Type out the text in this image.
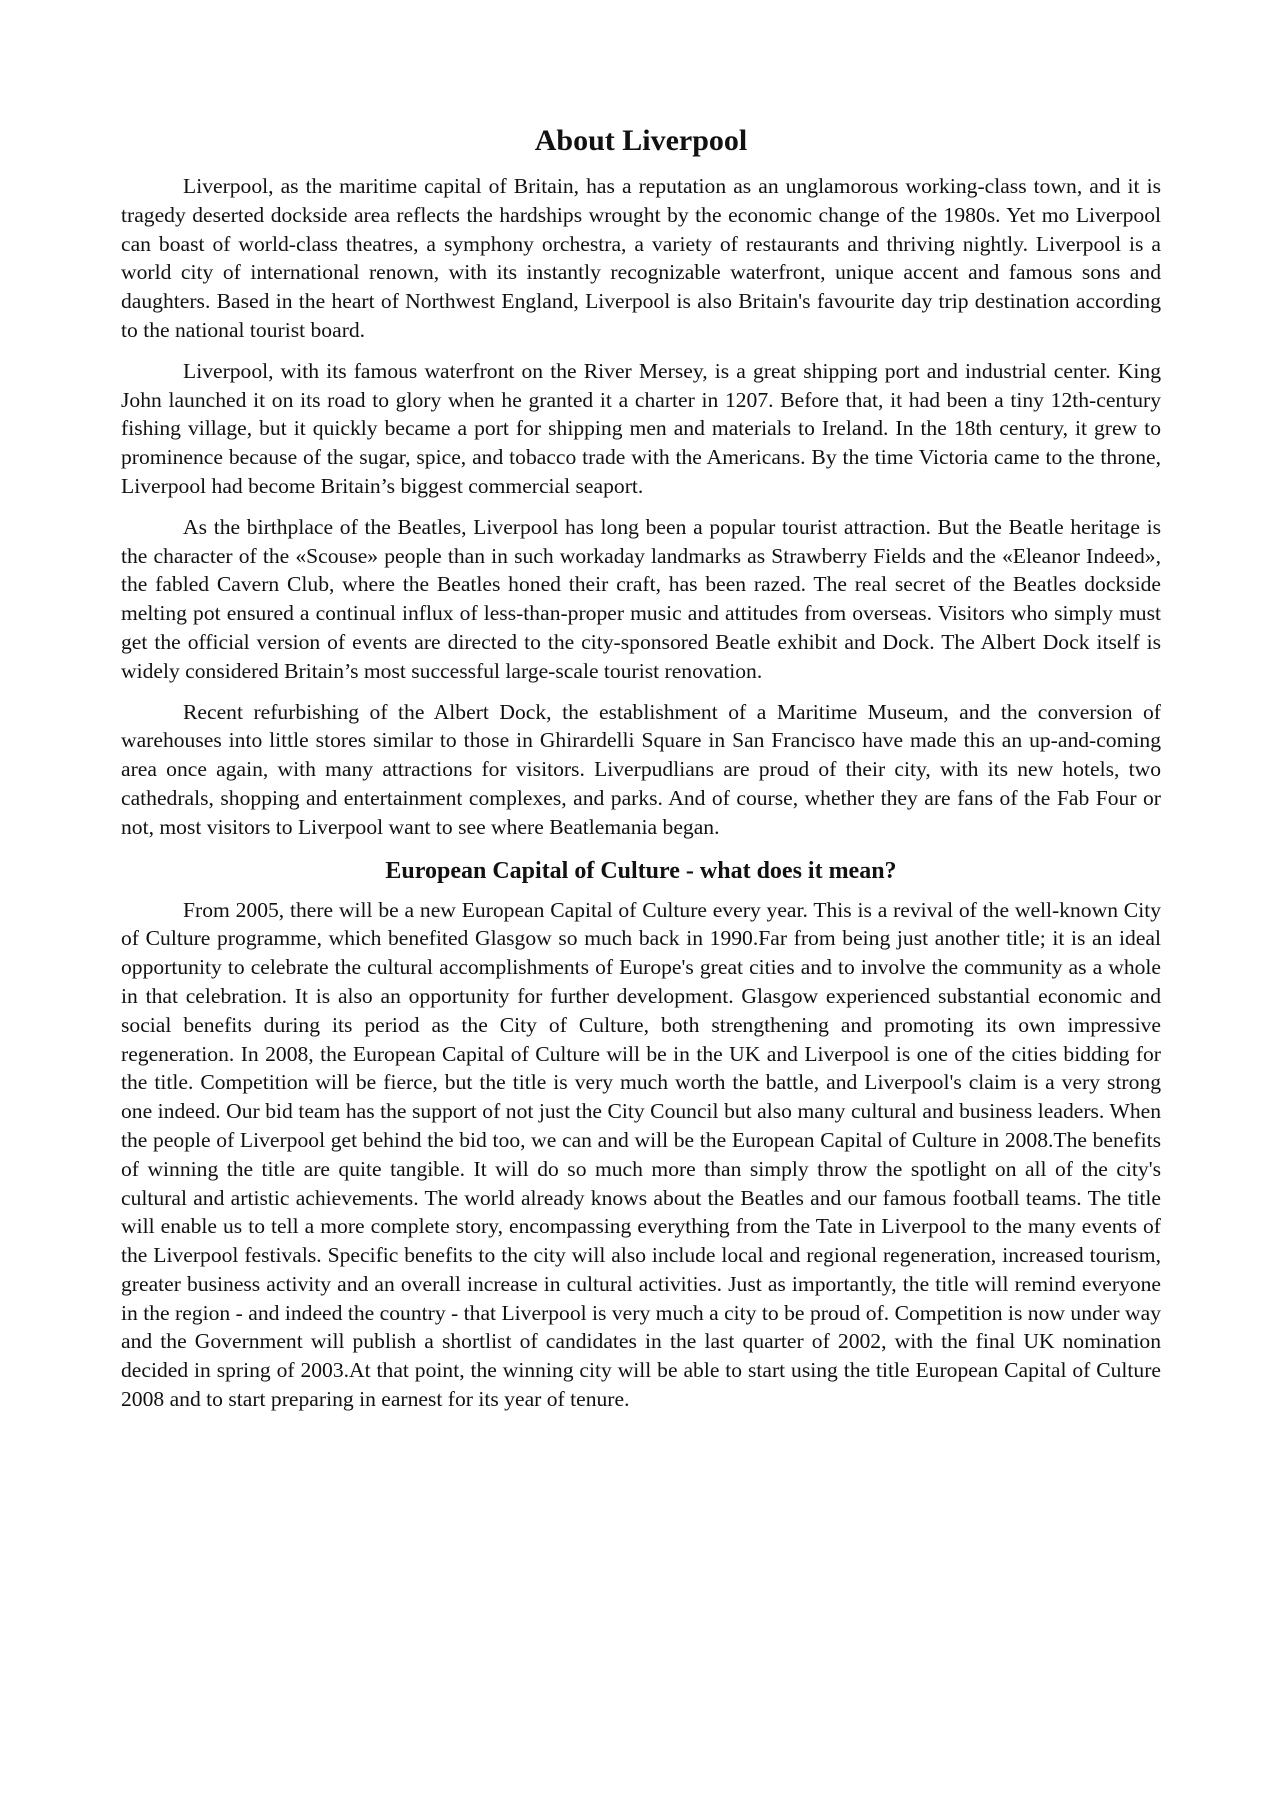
About Liverpool

Liverpool, as the maritime capital of Britain, has a reputation as an unglamorous working-class town, and it is tragedy deserted dockside area reflects the hardships wrought by the economic change of the 1980s. Yet mo Liverpool can boast of world-class theatres, a symphony orchestra, a variety of restaurants and thriving nightly. Liverpool is a world city of international renown, with its instantly recognizable waterfront, unique accent and famous sons and daughters. Based in the heart of Northwest England, Liverpool is also Britain's favourite day trip destination according to the national tourist board.

Liverpool, with its famous waterfront on the River Mersey, is a great shipping port and industrial center. King John launched it on its road to glory when he granted it a charter in 1207. Before that, it had been a tiny 12th-century fishing village, but it quickly became a port for shipping men and materials to Ireland. In the 18th century, it grew to prominence because of the sugar, spice, and tobacco trade with the Americans. By the time Victoria came to the throne, Liverpool had become Britain’s biggest commercial seaport.

As the birthplace of the Beatles, Liverpool has long been a popular tourist attraction. But the Beatle heritage is the character of the «Scouse» people than in such workaday landmarks as Strawberry Fields and the «Eleanor Indeed», the fabled Cavern Club, where the Beatles honed their craft, has been razed. The real secret of the Beatles dockside melting pot ensured a continual influx of less-than-proper music and attitudes from overseas. Visitors who simply must get the official version of events are directed to the city-sponsored Beatle exhibit and Dock. The Albert Dock itself is widely considered Britain’s most successful large-scale tourist renovation.

Recent refurbishing of the Albert Dock, the establishment of a Maritime Museum, and the conversion of warehouses into little stores similar to those in Ghirardelli Square in San Francisco have made this an up-and-coming area once again, with many attractions for visitors. Liverpudlians are proud of their city, with its new hotels, two cathedrals, shopping and entertainment complexes, and parks. And of course, whether they are fans of the Fab Four or not, most visitors to Liverpool want to see where Beatlemania began.

European Capital of Culture - what does it mean?

From 2005, there will be a new European Capital of Culture every year. This is a revival of the well-known City of Culture programme, which benefited Glasgow so much back in 1990.Far from being just another title; it is an ideal opportunity to celebrate the cultural accomplishments of Europe's great cities and to involve the community as a whole in that celebration. It is also an opportunity for further development. Glasgow experienced substantial economic and social benefits during its period as the City of Culture, both strengthening and promoting its own impressive regeneration. In 2008, the European Capital of Culture will be in the UK and Liverpool is one of the cities bidding for the title. Competition will be fierce, but the title is very much worth the battle, and Liverpool's claim is a very strong one indeed. Our bid team has the support of not just the City Council but also many cultural and business leaders. When the people of Liverpool get behind the bid too, we can and will be the European Capital of Culture in 2008.The benefits of winning the title are quite tangible. It will do so much more than simply throw the spotlight on all of the city's cultural and artistic achievements. The world already knows about the Beatles and our famous football teams. The title will enable us to tell a more complete story, encompassing everything from the Tate in Liverpool to the many events of the Liverpool festivals. Specific benefits to the city will also include local and regional regeneration, increased tourism, greater business activity and an overall increase in cultural activities. Just as importantly, the title will remind everyone in the region - and indeed the country - that Liverpool is very much a city to be proud of. Competition is now under way and the Government will publish a shortlist of candidates in the last quarter of 2002, with the final UK nomination decided in spring of 2003.At that point, the winning city will be able to start using the title European Capital of Culture 2008 and to start preparing in earnest for its year of tenure.
